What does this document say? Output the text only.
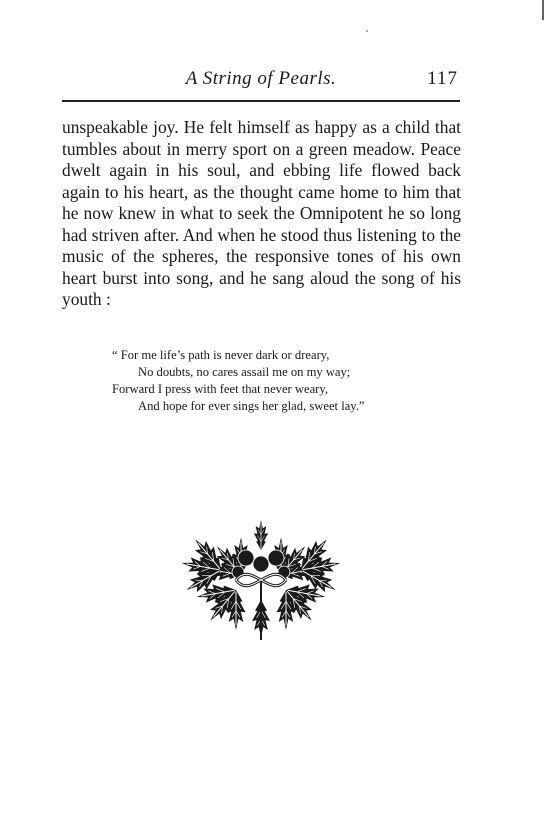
A String of Pearls.	117

unspeakable joy. He felt himself as happy as a child that tumbles about in merry sport on a green meadow. Peace dwelt again in his soul, and ebbing life flowed back again to his heart, as the thought came home to him that he now knew in what to seek the Omnipotent he so long had striven after. And when he stood thus listening to the music of the spheres, the responsive tones of his own heart burst into song, and he sang aloud the song of his youth :

“ For me life’s path is never dark or dreary,
No doubts, no cares assail me on my way;
Forward I press with feet that never weary,
And hope for ever sings her glad, sweet lay.”
